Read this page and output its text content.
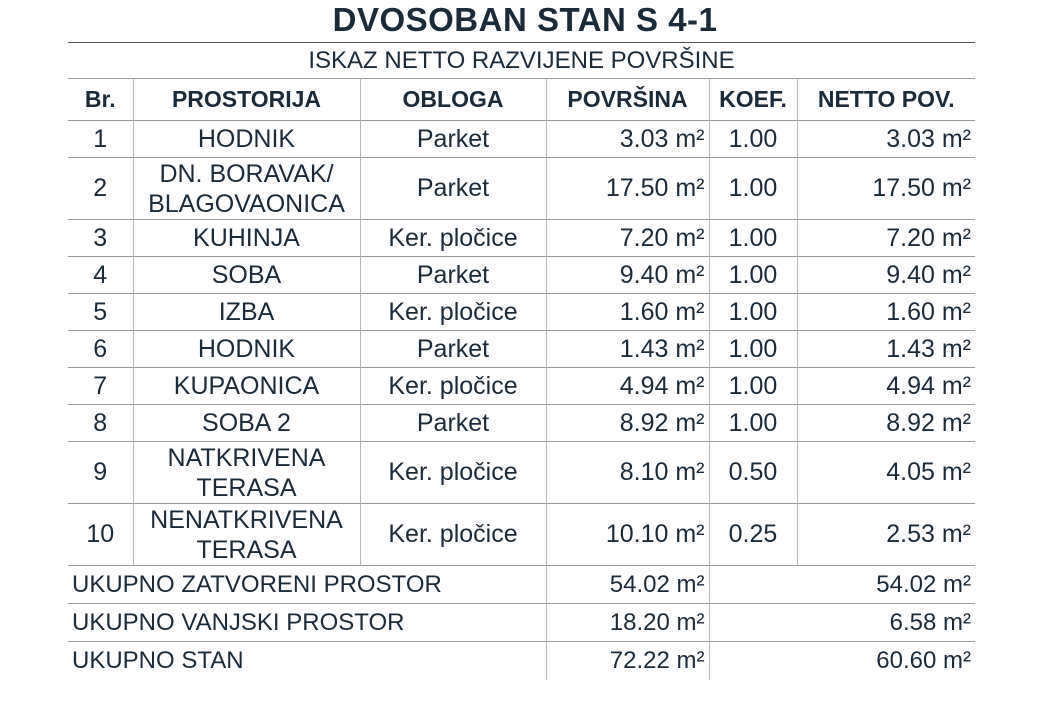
DVOSOBAN STAN S 4-1
ISKAZ NETTO RAZVIJENE POVRŠINE					
Br.	PROSTORIJA	OBLOGA	POVRŠINA	KOEF.	NETTO POV.
1	HODNIK	Parket	3.03 m²	1.00	3.03 m²
2	DN. BORAVAK/
BLAGOVAONICA	Parket	17.50 m²	1.00	17.50 m²
3	KUHINJA	Ker. pločice	7.20 m²	1.00	7.20 m²
4	SOBA	Parket	9.40 m²	1.00	9.40 m²
5	IZBA	Ker. pločice	1.60 m²	1.00	1.60 m²
6	HODNIK	Parket	1.43 m²	1.00	1.43 m²
7	KUPAONICA	Ker. pločice	4.94 m²	1.00	4.94 m²
8	SOBA 2	Parket	8.92 m²	1.00	8.92 m²
9	NATKRIVENA
TERASA	Ker. pločice	8.10 m²	0.50	4.05 m²
10	NENATKRIVENA
TERASA	Ker. pločice	10.10 m²	0.25	2.53 m²
UKUPNO ZATVORENI PROSTOR			54.02 m²	54.02 m²	
UKUPNO VANJSKI PROSTOR			18.20 m²	6.58 m²	
UKUPNO STAN			72.22 m²	60.60 m²	
